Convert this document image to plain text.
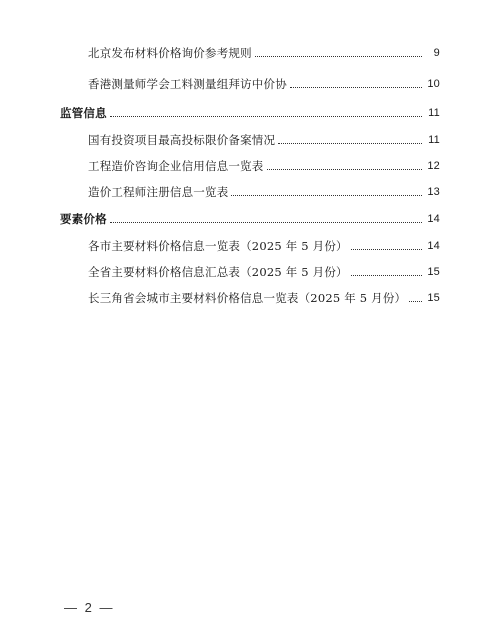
北京发布材料价格询价参考规则	9
香港测量师学会工料测量组拜访中价协	10
监管信息	11
国有投资项目最高投标限价备案情况	11
工程造价咨询企业信用信息一览表	12
造价工程师注册信息一览表	13
要素价格	14
各市主要材料价格信息一览表（2025 年 5 月份）	14
全省主要材料价格信息汇总表（2025 年 5 月份）	15
长三角省会城市主要材料价格信息一览表（2025 年 5 月份） 15
— 2 —
